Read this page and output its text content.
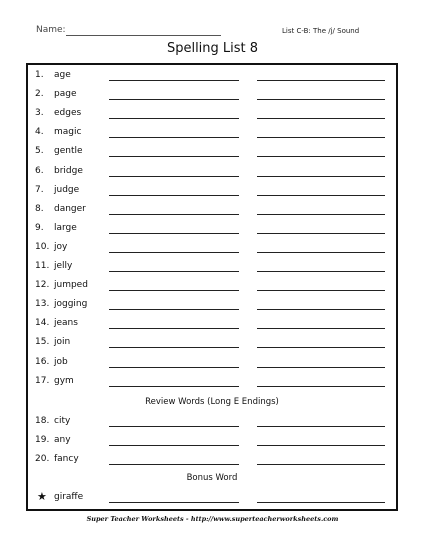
Name:	List C-B: The /j/ Sound
Spelling List 8
1. age
2. page
3. edges
4. magic
5. gentle
6. bridge
7. judge
8. danger
9. large
10. joy
11. jelly
12. jumped
13. jogging
14. jeans
15. join
16. job
17. gym
18. city
19. any
20. fancy
★ giraffe
Review Words (Long E Endings)
Bonus Word
Super Teacher Worksheets - http://www.superteacherworksheets.com
